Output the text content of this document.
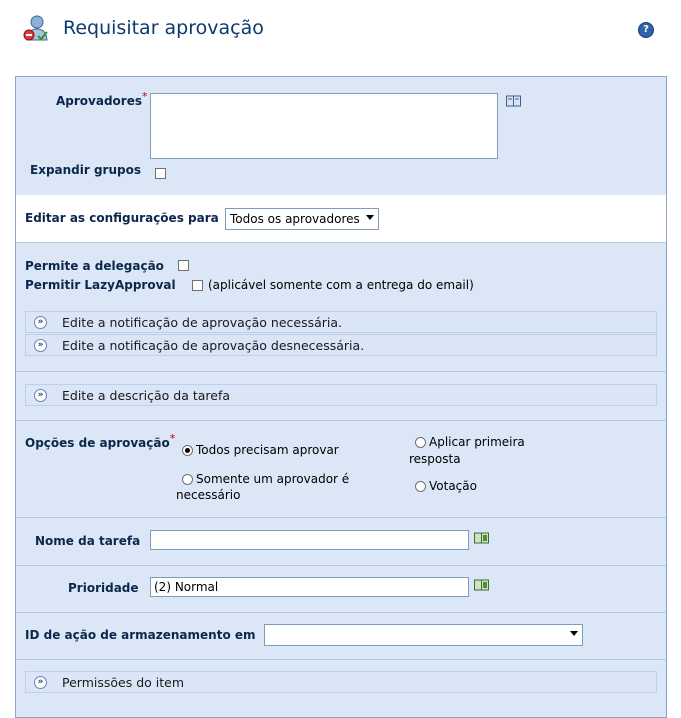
Requisitar aprovação	?
Aprovadores*
Expandir grupos
Editar as configurações para Todos os aprovadores
Permite a delegação
Permitir LazyApproval	(aplicável somente com a entrega do email)
» Edite a notificação de aprovação necessária.
» Edite a notificação de aprovação desnecessária.
» Edite a descrição da tarefa
Opções de aprovação*
Todos precisam aprovar
Aplicar primeira
resposta
Somente um aprovador é
necessário
Votação
Nome da tarefa
Prioridade (2) Normal
ID de ação de armazenamento em
» Permissões do item
